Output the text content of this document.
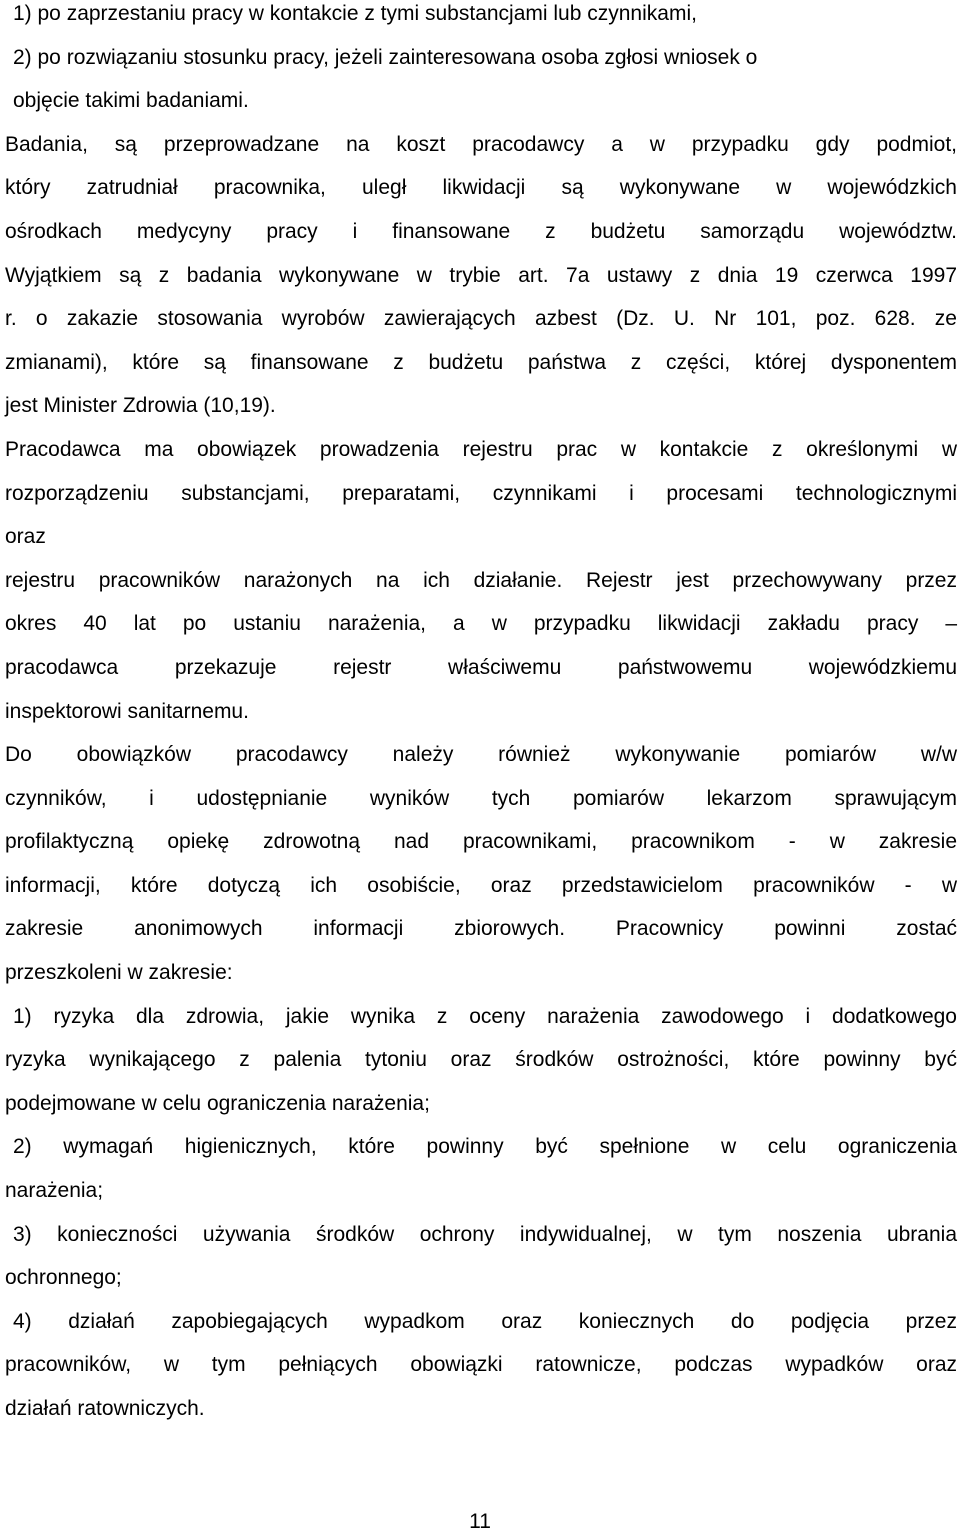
1) po zaprzestaniu pracy w kontakcie z tymi substancjami lub czynnikami,
2) po rozwiązaniu stosunku pracy, jeżeli zainteresowana osoba zgłosi wniosek o
objęcie takimi badaniami.
Badania, są przeprowadzane na koszt pracodawcy a w przypadku gdy podmiot,
który zatrudniał pracownika, uległ likwidacji są wykonywane w wojewódzkich
ośrodkach medycyny pracy i finansowane z budżetu samorządu województw.
Wyjątkiem są z badania wykonywane w trybie art. 7a ustawy z dnia 19 czerwca 1997
r. o zakazie stosowania wyrobów zawierających azbest (Dz. U. Nr 101, poz. 628. ze
zmianami), które są finansowane z budżetu państwa z części, której dysponentem
jest Minister Zdrowia (10,19).
Pracodawca ma obowiązek prowadzenia rejestru prac w kontakcie z określonymi w
rozporządzeniu substancjami, preparatami, czynnikami i procesami technologicznymi
oraz
rejestru pracowników narażonych na ich działanie. Rejestr jest przechowywany przez
okres 40 lat po ustaniu narażenia, a w przypadku likwidacji zakładu pracy –
pracodawca przekazuje rejestr właściwemu państwowemu wojewódzkiemu
inspektorowi sanitarnemu.
Do obowiązków pracodawcy należy również wykonywanie pomiarów w/w
czynników, i udostępnianie wyników tych pomiarów lekarzom sprawującym
profilaktyczną opiekę zdrowotną nad pracownikami, pracownikom - w zakresie
informacji, które dotyczą ich osobiście, oraz przedstawicielom pracowników - w
zakresie anonimowych informacji zbiorowych. Pracownicy powinni zostać
przeszkoleni w zakresie:
1) ryzyka dla zdrowia, jakie wynika z oceny narażenia zawodowego i dodatkowego
ryzyka wynikającego z palenia tytoniu oraz środków ostrożności, które powinny być
podejmowane w celu ograniczenia narażenia;
2) wymagań higienicznych, które powinny być spełnione w celu ograniczenia
narażenia;
3) konieczności używania środków ochrony indywidualnej, w tym noszenia ubrania
ochronnego;
4) działań zapobiegających wypadkom oraz koniecznych do podjęcia przez
pracowników, w tym pełniących obowiązki ratownicze, podczas wypadków oraz
działań ratowniczych.
11
